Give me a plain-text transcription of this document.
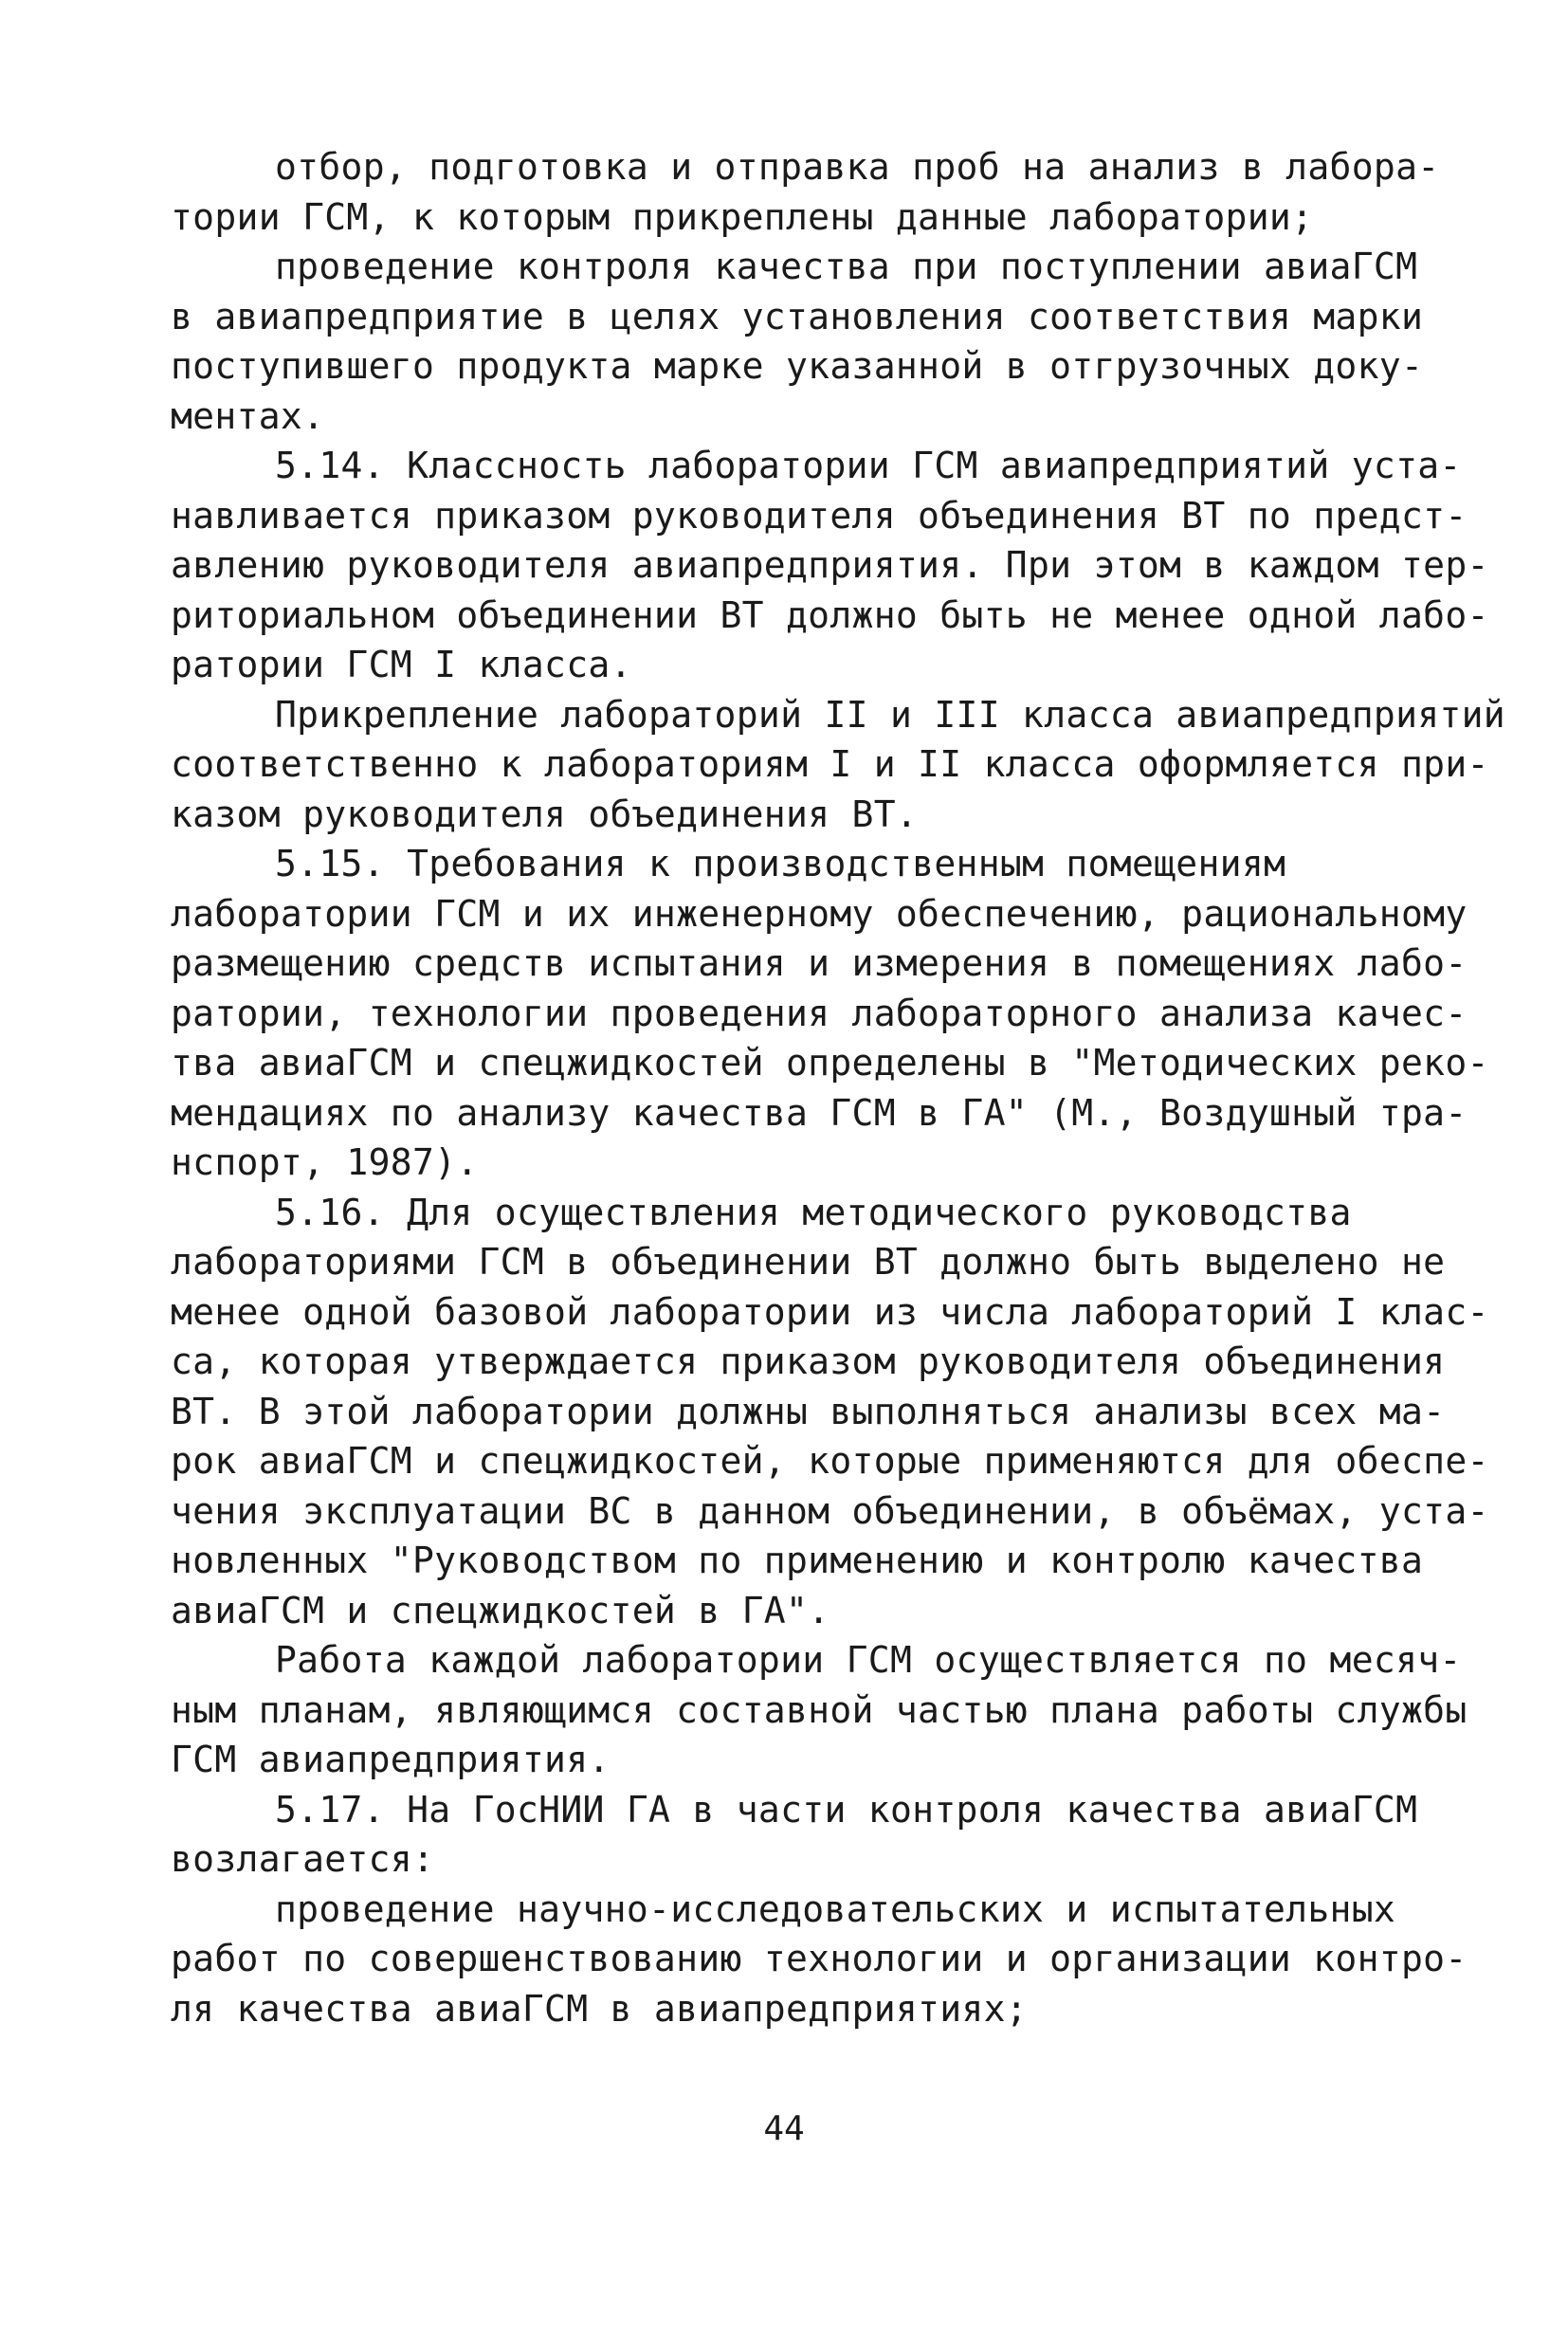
отбор, подготовка и отправка проб на анализ в лабора-
тории ГСМ, к которым прикреплены данные лаборатории;
проведение контроля качества при поступлении авиаГСМ
в авиапредприятие в целях установления соответствия марки
поступившего продукта марке указанной в отгрузочных доку-
ментах.
5.14. Классность лаборатории ГСМ авиапредприятий уста-
навливается приказом руководителя объединения ВТ по предст-
авлению руководителя авиапредприятия. При этом в каждом тер-
риториальном объединении ВТ должно быть не менее одной лабо-
ратории ГСМ I класса.
Прикрепление лабораторий II и III класса авиапредприятий
соответственно к лабораториям I и II класса оформляется при-
казом руководителя объединения ВТ.
5.15. Требования к производственным помещениям
лаборатории ГСМ и их инженерному обеспечению, рациональному
размещению средств испытания и измерения в помещениях лабо-
ратории, технологии проведения лабораторного анализа качес-
тва авиаГСМ и спецжидкостей определены в "Методических реко-
мендациях по анализу качества ГСМ в ГА" (М., Воздушный тра-
нспорт, 1987).
5.16. Для осуществления методического руководства
лабораториями ГСМ в объединении ВТ должно быть выделено не
менее одной базовой лаборатории из числа лабораторий I клас-
са, которая утверждается приказом руководителя объединения
ВТ. В этой лаборатории должны выполняться анализы всех ма-
рок авиаГСМ и спецжидкостей, которые применяются для обеспе-
чения эксплуатации ВС в данном объединении, в объёмах, уста-
новленных "Руководством по применению и контролю качества
авиаГСМ и спецжидкостей в ГА".
Работа каждой лаборатории ГСМ осуществляется по месяч-
ным планам, являющимся составной частью плана работы службы
ГСМ авиапредприятия.
5.17. На ГосНИИ ГА в части контроля качества авиаГСМ
возлагается:
проведение научно-исследовательских и испытательных
работ по совершенствованию технологии и организации контро-
ля качества авиаГСМ в авиапредприятиях;
44
